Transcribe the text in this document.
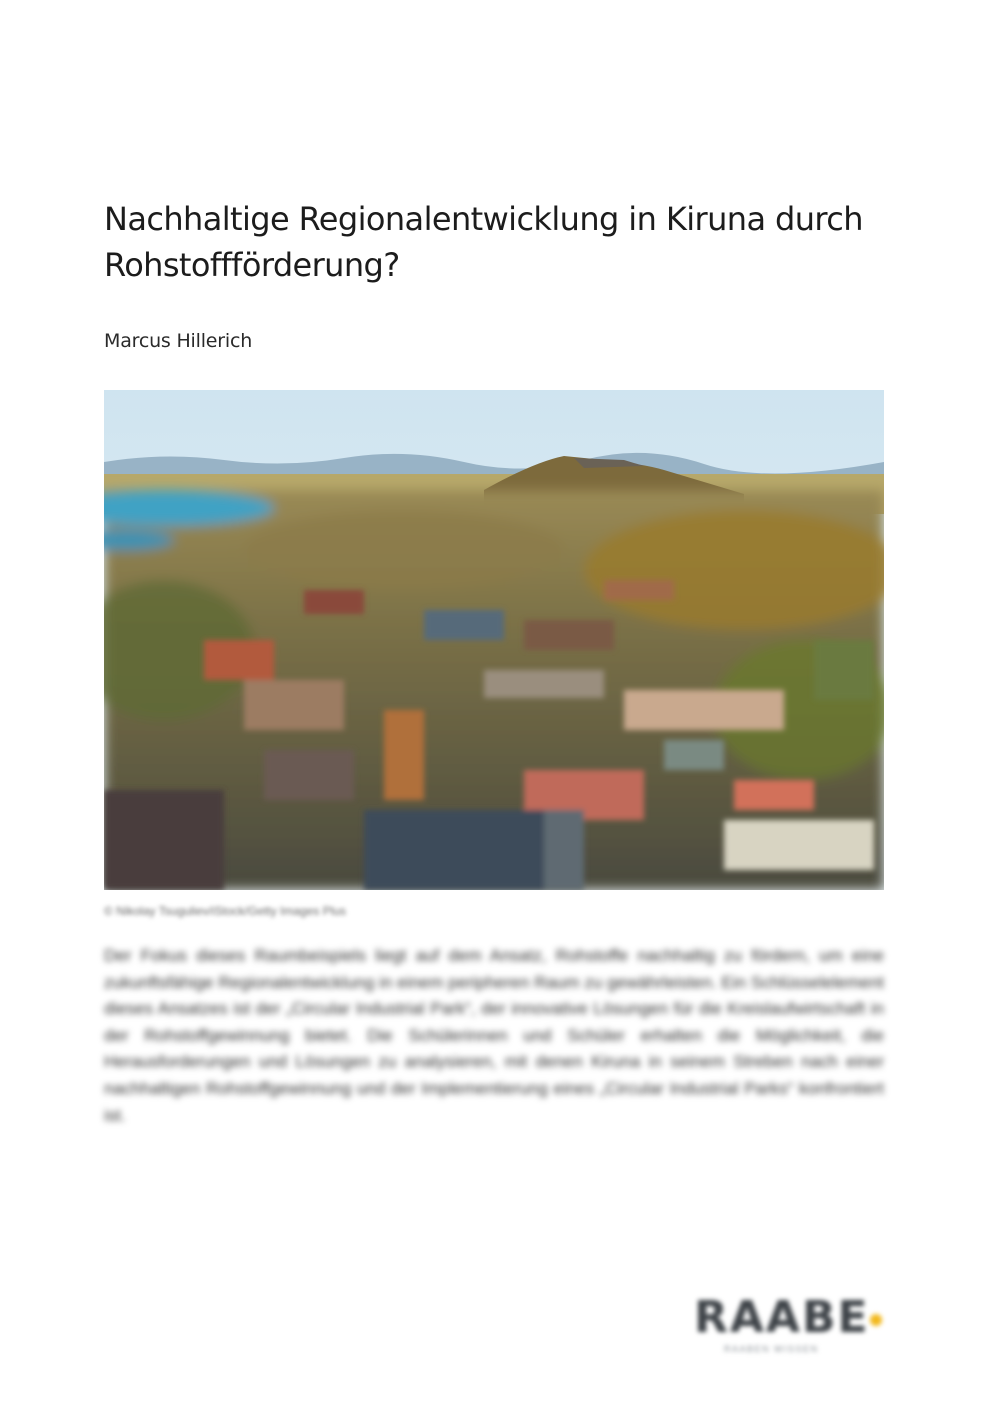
Nachhaltige Regionalentwicklung in Kiruna durch Rohstoffförderung?
Marcus Hillerich
© Nikolay Tsuguliev/iStock/Getty Images Plus

Der Fokus dieses Raumbeispiels liegt auf dem Ansatz, Rohstoffe nachhaltig zu fördern, um eine zukunftsfähige Regionalentwicklung in einem peripheren Raum zu gewährleisten. Ein Schlüsselelement dieses Ansatzes ist der „Circular Industrial Park“, der innovative Lösungen für die Kreislaufwirtschaft in der Rohstoffgewinnung bietet. Die Schülerinnen und Schüler erhalten die Möglichkeit, die Herausforderungen und Lösungen zu analysieren, mit denen Kiruna in seinem Streben nach einer nachhaltigen Rohstoffgewinnung und der Implementierung eines „Circular Industrial Parks“ konfrontiert ist.

RAABE
RAABEN WISSEN
